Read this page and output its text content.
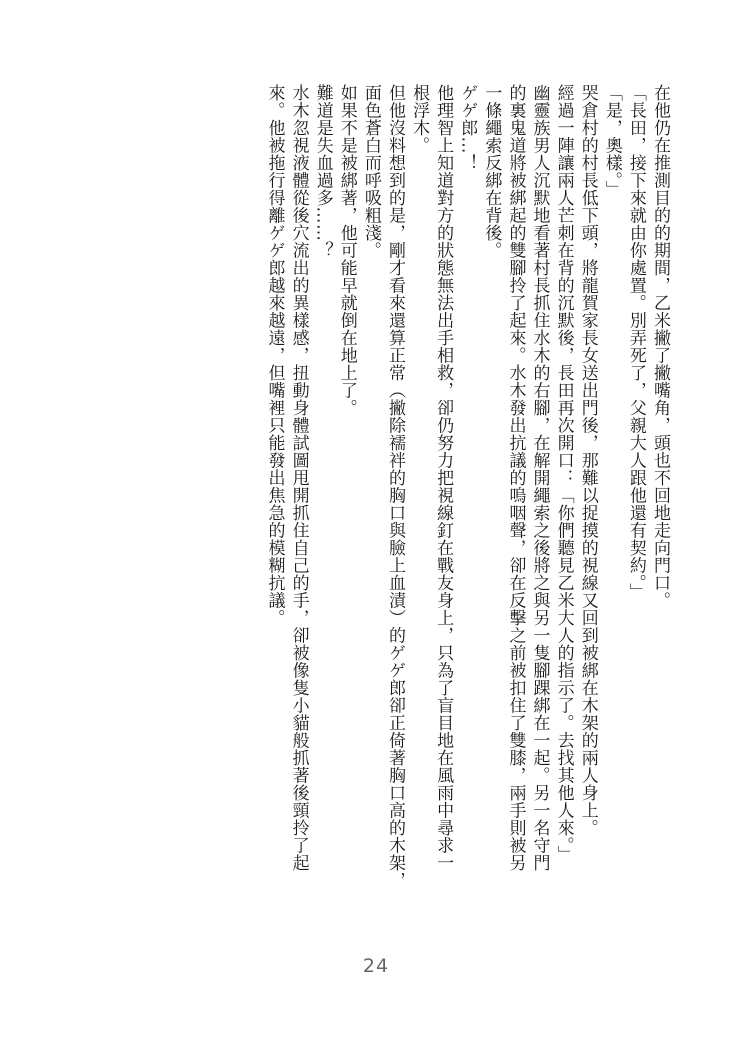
在他仍在推測目的的期間，乙米撇了撇嘴角，頭也不回地走向門口。
「長田，接下來就由你處置。別弄死了，父親大人跟他還有契約。」
「是，奧樣。」
哭倉村的村長低下頭，將龍賀家長女送出門後，那難以捉摸的視線又回到被綁在木架的兩人身上。
經過一陣讓兩人芒刺在背的沉默後，長田再次開口：「你們聽見乙米大人的指示了。去找其他人來。」
幽靈族男人沉默地看著村長抓住水木的右腳，在解開繩索之後將之與另一隻腳踝綁在一起。另一名守門
的裏鬼道將被綁起的雙腳拎了起來。水木發出抗議的嗚咽聲，卻在反擊之前被扣住了雙膝，兩手則被另
一條繩索反綁在背後。
ゲゲ郎…！
他理智上知道對方的狀態無法出手相救，卻仍努力把視線釘在戰友身上，只為了盲目地在風雨中尋求一
根浮木。
但他沒料想到的是，剛才看來還算正常（撇除襦袢的胸口與臉上血漬）的ゲゲ郎卻正倚著胸口高的木架，
面色蒼白而呼吸粗淺。
如果不是被綁著，他可能早就倒在地上了。
難道是失血過多……？
水木忽視液體從後穴流出的異樣感，扭動身體試圖甩開抓住自己的手，卻被像隻小貓般抓著後頸拎了起
來。他被拖行得離ゲゲ郎越來越遠，但嘴裡只能發出焦急的模糊抗議。
24
